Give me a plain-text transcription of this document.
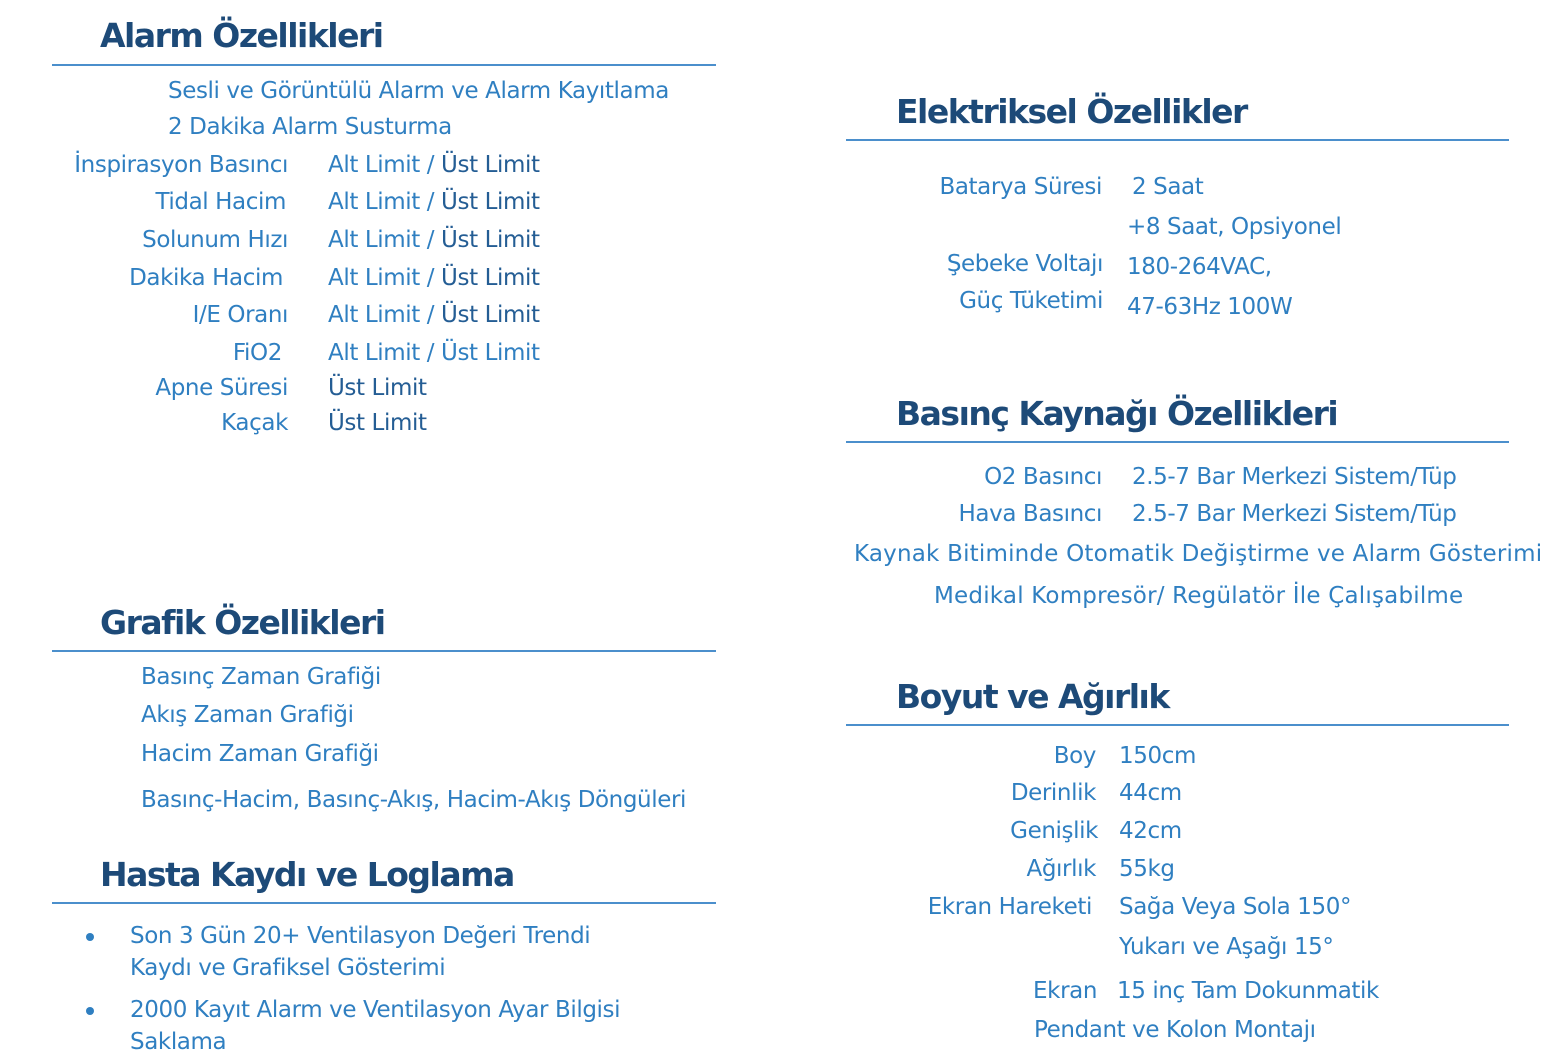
Alarm Özellikleri
Sesli ve Görüntülü Alarm ve Alarm Kayıtlama
2 Dakika Alarm Susturma
İnspirasyon Basıncı Alt Limit / Üst Limit
Tidal Hacim Alt Limit / Üst Limit
Solunum Hızı Alt Limit / Üst Limit
Dakika Hacim Alt Limit / Üst Limit
I/E Oranı Alt Limit / Üst Limit
FiO2 Alt Limit / Üst Limit
Apne Süresi Üst Limit
Kaçak Üst Limit
Grafik Özellikleri
Basınç Zaman Grafiği
Akış Zaman Grafiği
Hacim Zaman Grafiği
Basınç-Hacim, Basınç-Akış, Hacim-Akış Döngüleri
Hasta Kaydı ve Loglama
Son 3 Gün 20+ Ventilasyon Değeri Trendi
Kaydı ve Grafiksel Gösterimi
2000 Kayıt Alarm ve Ventilasyon Ayar Bilgisi
Saklama
Elektriksel Özellikler
Batarya Süresi 2 Saat
+8 Saat, Opsiyonel
Şebeke Voltajı 180-264VAC,
Güç Tüketimi 47-63Hz 100W
Basınç Kaynağı Özellikleri
O2 Basıncı 2.5-7 Bar Merkezi Sistem/Tüp
Hava Basıncı 2.5-7 Bar Merkezi Sistem/Tüp
Kaynak Bitiminde Otomatik Değiştirme ve Alarm Gösterimi
Medikal Kompresör/ Regülatör İle Çalışabilme
Boyut ve Ağırlık
Boy 150cm
Derinlik 44cm
Genişlik 42cm
Ağırlık 55kg
Ekran Hareketi Sağa Veya Sola 150°
Yukarı ve Aşağı 15°
Ekran 15 inç Tam Dokunmatik
Pendant ve Kolon Montajı
